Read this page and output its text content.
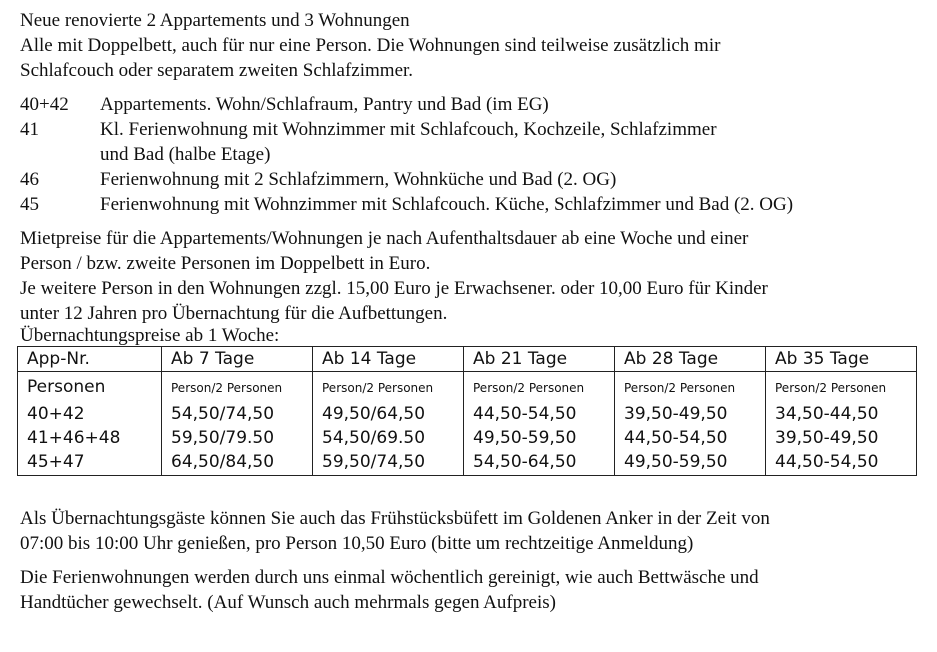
Neue renovierte 2 Appartements und 3 Wohnungen

Alle mit Doppelbett, auch für nur eine Person. Die Wohnungen sind teilweise zusätzlich mir

Schlafcouch oder separatem zweiten Schlafzimmer.

40+42	Appartements. Wohn/Schlafraum, Pantry und Bad (im EG)
41	Kl. Ferienwohnung mit Wohnzimmer mit Schlafcouch, Kochzeile, Schlafzimmer
und Bad (halbe Etage)
46	Ferienwohnung mit 2 Schlafzimmern, Wohnküche und Bad (2. OG)
45	Ferienwohnung mit Wohnzimmer mit Schlafcouch. Küche, Schlafzimmer und Bad (2. OG)

Mietpreise für die Appartements/Wohnungen je nach Aufenthaltsdauer ab eine Woche und einer

Person / bzw. zweite Personen im Doppelbett in Euro.

Je weitere Person in den Wohnungen zzgl. 15,00 Euro je Erwachsener. oder 10,00 Euro für Kinder

unter 12 Jahren pro Übernachtung für die Aufbettungen.

Übernachtungspreise ab 1 Woche:

App-Nr.	Ab 7 Tage	Ab 14 Tage	Ab 21 Tage	Ab 28 Tage	Ab 35 Tage
Personen	Person/2 Personen	Person/2 Personen	Person/2 Personen	Person/2 Personen	Person/2 Personen
40+42	54,50/74,50	49,50/64,50	44,50-54,50	39,50-49,50	34,50-44,50
41+46+48	59,50/79.50	54,50/69.50	49,50-59,50	44,50-54,50	39,50-49,50
45+47	64,50/84,50	59,50/74,50	54,50-64,50	49,50-59,50	44,50-54,50

Als Übernachtungsgäste können Sie auch das Frühstücksbüfett im Goldenen Anker in der Zeit von

07:00 bis 10:00 Uhr genießen, pro Person 10,50 Euro (bitte um rechtzeitige Anmeldung)

Die Ferienwohnungen werden durch uns einmal wöchentlich gereinigt, wie auch Bettwäsche und

Handtücher gewechselt. (Auf Wunsch auch mehrmals gegen Aufpreis)
